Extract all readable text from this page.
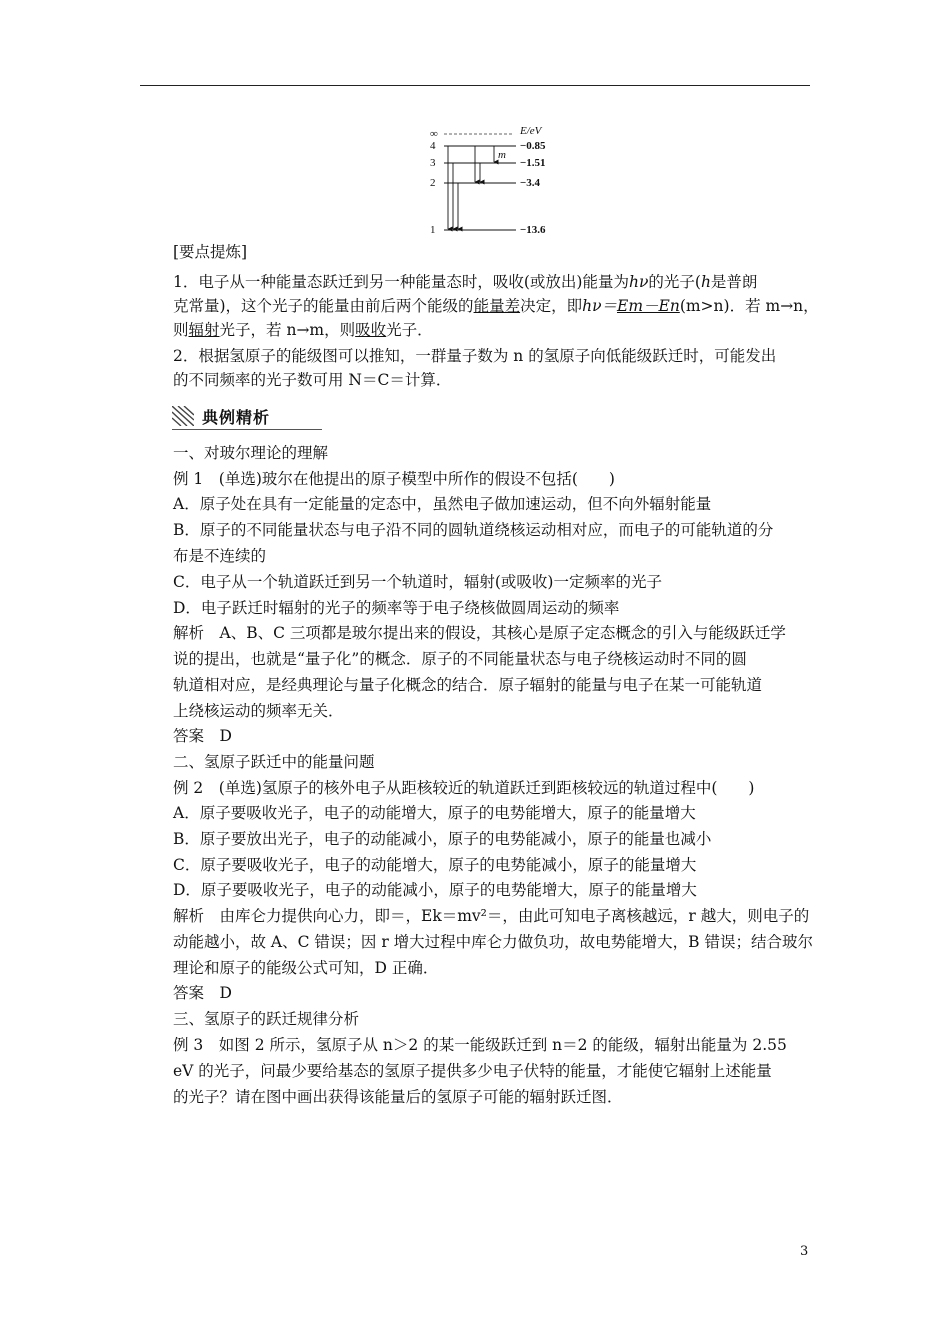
∞	E/eV
4	−0.85
3	−1.51
2	−3.4
1	−13.6
m
[要点提炼]
1．电子从一种能量态跃迁到另一种能量态时，吸收(或放出)能量为hν的光子(h是普朗
克常量)，这个光子的能量由前后两个能级的能量差决定，即hν＝Em－En(m>n)．若 m→n，
则辐射光子，若 n→m，则吸收光子．
2．根据氢原子的能级图可以推知，一群量子数为 n 的氢原子向低能级跃迁时，可能发出
的不同频率的光子数可用 N＝C＝计算．
典例精析
一、对玻尔理论的理解
例 1　(单选)玻尔在他提出的原子模型中所作的假设不包括(　　)
A．原子处在具有一定能量的定态中，虽然电子做加速运动，但不向外辐射能量
B．原子的不同能量状态与电子沿不同的圆轨道绕核运动相对应，而电子的可能轨道的分
布是不连续的
C．电子从一个轨道跃迁到另一个轨道时，辐射(或吸收)一定频率的光子
D．电子跃迁时辐射的光子的频率等于电子绕核做圆周运动的频率
解析　A、B、C 三项都是玻尔提出来的假设，其核心是原子定态概念的引入与能级跃迁学
说的提出，也就是“量子化”的概念．原子的不同能量状态与电子绕核运动时不同的圆
轨道相对应，是经典理论与量子化概念的结合．原子辐射的能量与电子在某一可能轨道
上绕核运动的频率无关．
答案　D
二、氢原子跃迁中的能量问题
例 2　(单选)氢原子的核外电子从距核较近的轨道跃迁到距核较远的轨道过程中(　　)
A．原子要吸收光子，电子的动能增大，原子的电势能增大，原子的能量增大
B．原子要放出光子，电子的动能减小，原子的电势能减小，原子的能量也减小
C．原子要吸收光子，电子的动能增大，原子的电势能减小，原子的能量增大
D．原子要吸收光子，电子的动能减小，原子的电势能增大，原子的能量增大
解析　由库仑力提供向心力，即＝，Ek＝mv²＝，由此可知电子离核越远，r 越大，则电子的
动能越小，故 A、C 错误；因 r 增大过程中库仑力做负功，故电势能增大，B 错误；结合玻尔
理论和原子的能级公式可知，D 正确．
答案　D
三、氢原子的跃迁规律分析
例 3　如图 2 所示，氢原子从 n＞2 的某一能级跃迁到 n＝2 的能级，辐射出能量为 2.55
eV 的光子，问最少要给基态的氢原子提供多少电子伏特的能量，才能使它辐射上述能量
的光子？请在图中画出获得该能量后的氢原子可能的辐射跃迁图．
3
